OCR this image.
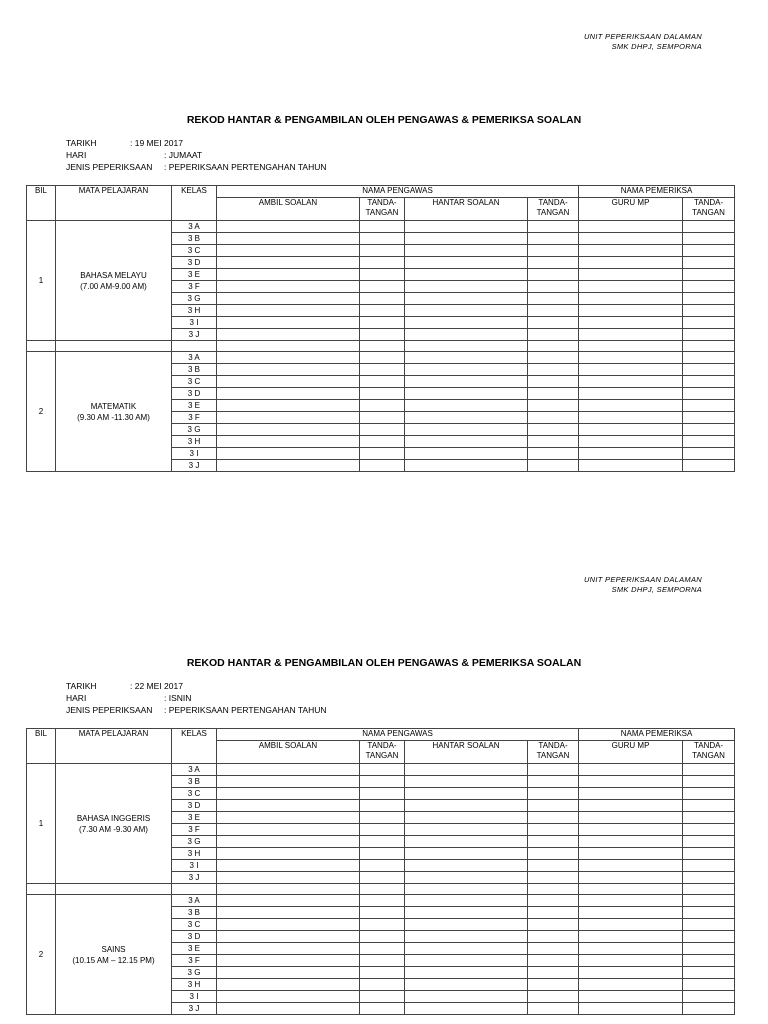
UNIT PEPERIKSAAN DALAMAN
SMK DHPJ, SEMPORNA
REKOD HANTAR & PENGAMBILAN OLEH PENGAWAS & PEMERIKSA SOALAN
TARIKH	: 19 MEI 2017
HARI	: JUMAAT
JENIS PEPERIKSAAN : PEPERIKSAAN PERTENGAHAN TAHUN
BIL	MATA PELAJARAN	KELAS	NAMA PENGAWAS				NAMA PEMERIKSA	
			AMBIL SOALAN	TANDA-
TANGAN	HANTAR SOALAN	TANDA-
TANGAN	GURU MP	TANDA-
TANGAN
1	BAHASA MELAYU
(7.00 AM-9.00 AM)	3 A						
		3 B						
		3 C						
		3 D						
		3 E						
		3 F						
		3 G						
		3 H						
		3 I						
		3 J						

2	MATEMATIK
(9.30 AM -11.30 AM)	3 A						
		3 B						
		3 C						
		3 D						
		3 E						
		3 F						
		3 G						
		3 H						
		3 I						
		3 J						
UNIT PEPERIKSAAN DALAMAN
SMK DHPJ, SEMPORNA
REKOD HANTAR & PENGAMBILAN OLEH PENGAWAS & PEMERIKSA SOALAN
TARIKH	: 22 MEI 2017
HARI	: ISNIN
JENIS PEPERIKSAAN : PEPERIKSAAN PERTENGAHAN TAHUN
BIL	MATA PELAJARAN	KELAS	NAMA PENGAWAS				NAMA PEMERIKSA	
			AMBIL SOALAN	TANDA-
TANGAN	HANTAR SOALAN	TANDA-
TANGAN	GURU MP	TANDA-
TANGAN
1	BAHASA INGGERIS
(7.30 AM -9.30 AM)	3 A						
		3 B						
		3 C						
		3 D						
		3 E						
		3 F						
		3 G						
		3 H						
		3 I						
		3 J						

2	SAINS
(10.15 AM – 12.15 PM)	3 A						
		3 B						
		3 C						
		3 D						
		3 E						
		3 F						
		3 G						
		3 H						
		3 I						
		3 J						
